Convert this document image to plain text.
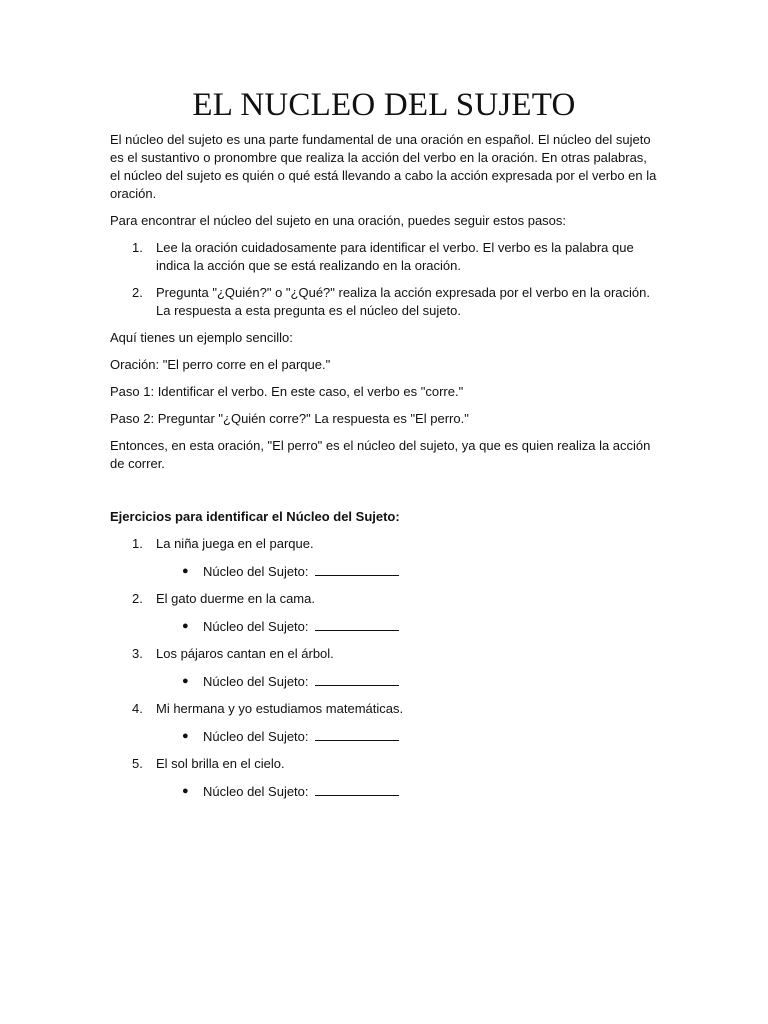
EL NUCLEO DEL SUJETO

El núcleo del sujeto es una parte fundamental de una oración en español. El núcleo del sujeto es el sustantivo o pronombre que realiza la acción del verbo en la oración. En otras palabras, el núcleo del sujeto es quién o qué está llevando a cabo la acción expresada por el verbo en la oración.

Para encontrar el núcleo del sujeto en una oración, puedes seguir estos pasos:

1. Lee la oración cuidadosamente para identificar el verbo. El verbo es la palabra que indica la acción que se está realizando en la oración.
2. Pregunta "¿Quién?" o "¿Qué?" realiza la acción expresada por el verbo en la oración. La respuesta a esta pregunta es el núcleo del sujeto.

Aquí tienes un ejemplo sencillo:

Oración: "El perro corre en el parque."

Paso 1: Identificar el verbo. En este caso, el verbo es "corre."

Paso 2: Preguntar "¿Quién corre?" La respuesta es "El perro."

Entonces, en esta oración, "El perro" es el núcleo del sujeto, ya que es quien realiza la acción de correr.

Ejercicios para identificar el Núcleo del Sujeto:

1. La niña juega en el parque.
● Núcleo del Sujeto:
2. El gato duerme en la cama.
● Núcleo del Sujeto:
3. Los pájaros cantan en el árbol.
● Núcleo del Sujeto:
4. Mi hermana y yo estudiamos matemáticas.
● Núcleo del Sujeto:
5. El sol brilla en el cielo.
● Núcleo del Sujeto:
